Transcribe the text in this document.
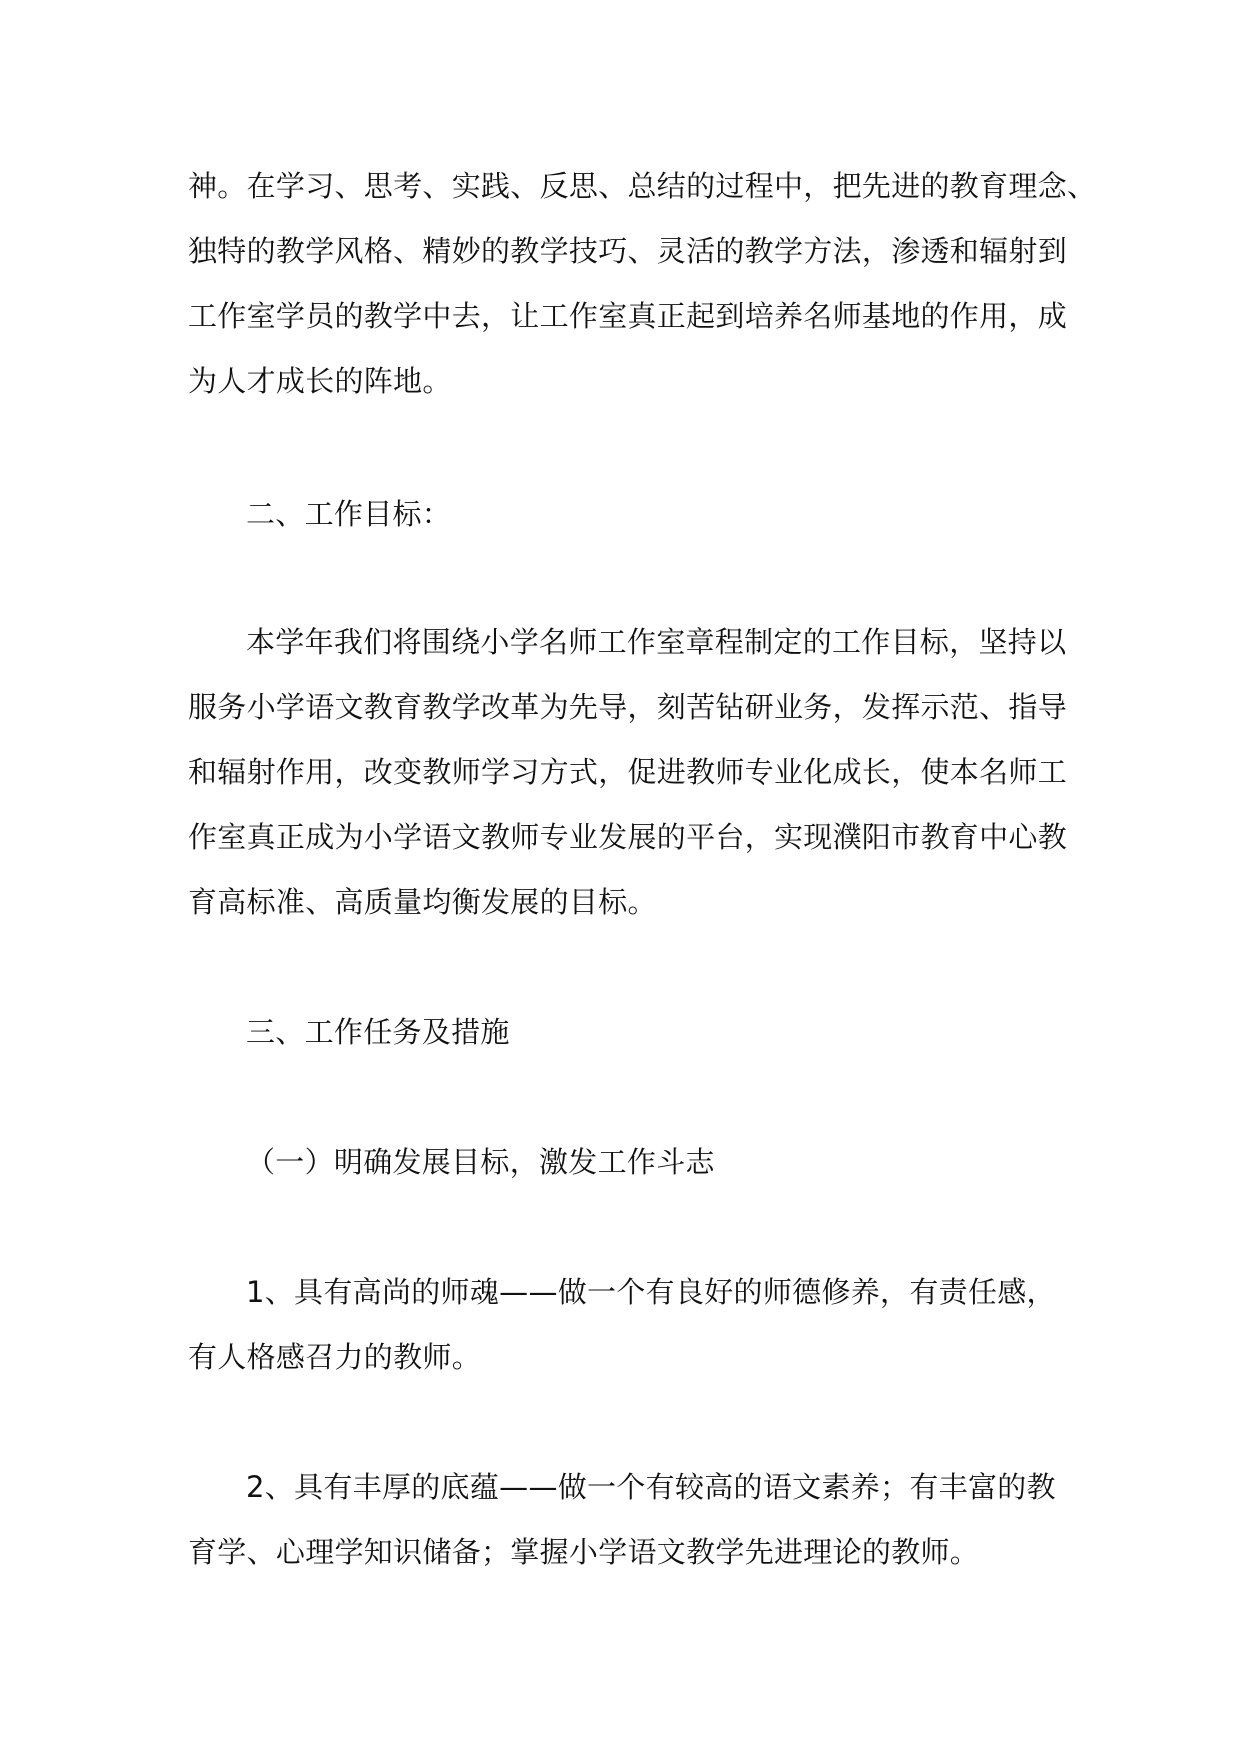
神。在学习、思考、实践、反思、总结的过程中，把先进的教育理念、
独特的教学风格、精妙的教学技巧、灵活的教学方法，渗透和辐射到
工作室学员的教学中去，让工作室真正起到培养名师基地的作用，成
为人才成长的阵地。
二、工作目标：
本学年我们将围绕小学名师工作室章程制定的工作目标，坚持以
服务小学语文教育教学改革为先导，刻苦钻研业务，发挥示范、指导
和辐射作用，改变教师学习方式，促进教师专业化成长，使本名师工
作室真正成为小学语文教师专业发展的平台，实现濮阳市教育中心教
育高标准、高质量均衡发展的目标。
三、工作任务及措施
（一）明确发展目标，激发工作斗志
1、具有高尚的师魂——做一个有良好的师德修养，有责任感，
有人格感召力的教师。
2、具有丰厚的底蕴——做一个有较高的语文素养；有丰富的教
育学、心理学知识储备；掌握小学语文教学先进理论的教师。
